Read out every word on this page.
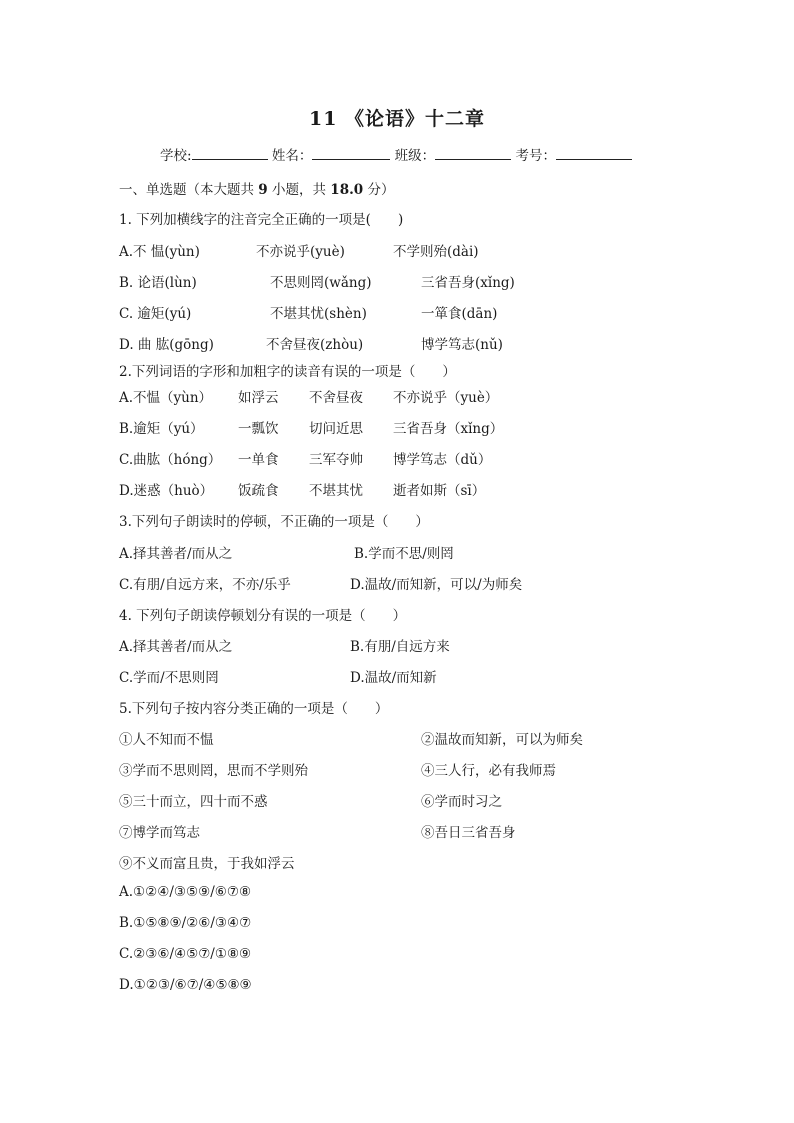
11 《论语》十二章
学校:	姓名：	班级：	考号：
一、单选题（本大题共 9 小题，共 18.0 分）
1. 下列加横线字的注音完全正确的一项是(　　)
A.不 愠(yùn)	不亦说乎(yuè)	不学则殆(dài)
B. 论语(lùn)	不思则罔(wǎng)	三省吾身(xǐng)
C. 逾矩(yú)	不堪其忧(shèn)	一箪食(dān)
D. 曲 肱(gōng)	不舍昼夜(zhòu)	博学笃志(nǔ)
2.下列词语的字形和加粗字的读音有误的一项是（　　）
A.不愠（yùn） 如浮云 不舍昼夜 不亦说乎（yuè）
B.逾矩（yú）	一瓢饮 切问近思 三省吾身（xǐng）
C.曲肱（hóng） 一单食 三军夺帅 博学笃志（dǔ）
D.迷惑（huò） 饭疏食 不堪其忧 逝者如斯（sī）
3.下列句子朗读时的停顿，不正确的一项是（　　）
A.择其善者/而从之	B.学而不思/则罔
C.有朋/自远方来，不亦/乐乎	D.温故/而知新，可以/为师矣
4. 下列句子朗读停顿划分有误的一项是（　　）
A.择其善者/而从之	B.有朋/自远方来
C.学而/不思则罔	D.温故/而知新
5.下列句子按内容分类正确的一项是（　　）
①人不知而不愠	②温故而知新，可以为师矣
③学而不思则罔，思而不学则殆	④三人行，必有我师焉
⑤三十而立，四十而不惑	⑥学而时习之
⑦博学而笃志	⑧吾日三省吾身
⑨不义而富且贵，于我如浮云
A.①②④/③⑤⑨/⑥⑦⑧
B.①⑤⑧⑨/②⑥/③④⑦
C.②③⑥/④⑤⑦/①⑧⑨
D.①②③/⑥⑦/④⑤⑧⑨
